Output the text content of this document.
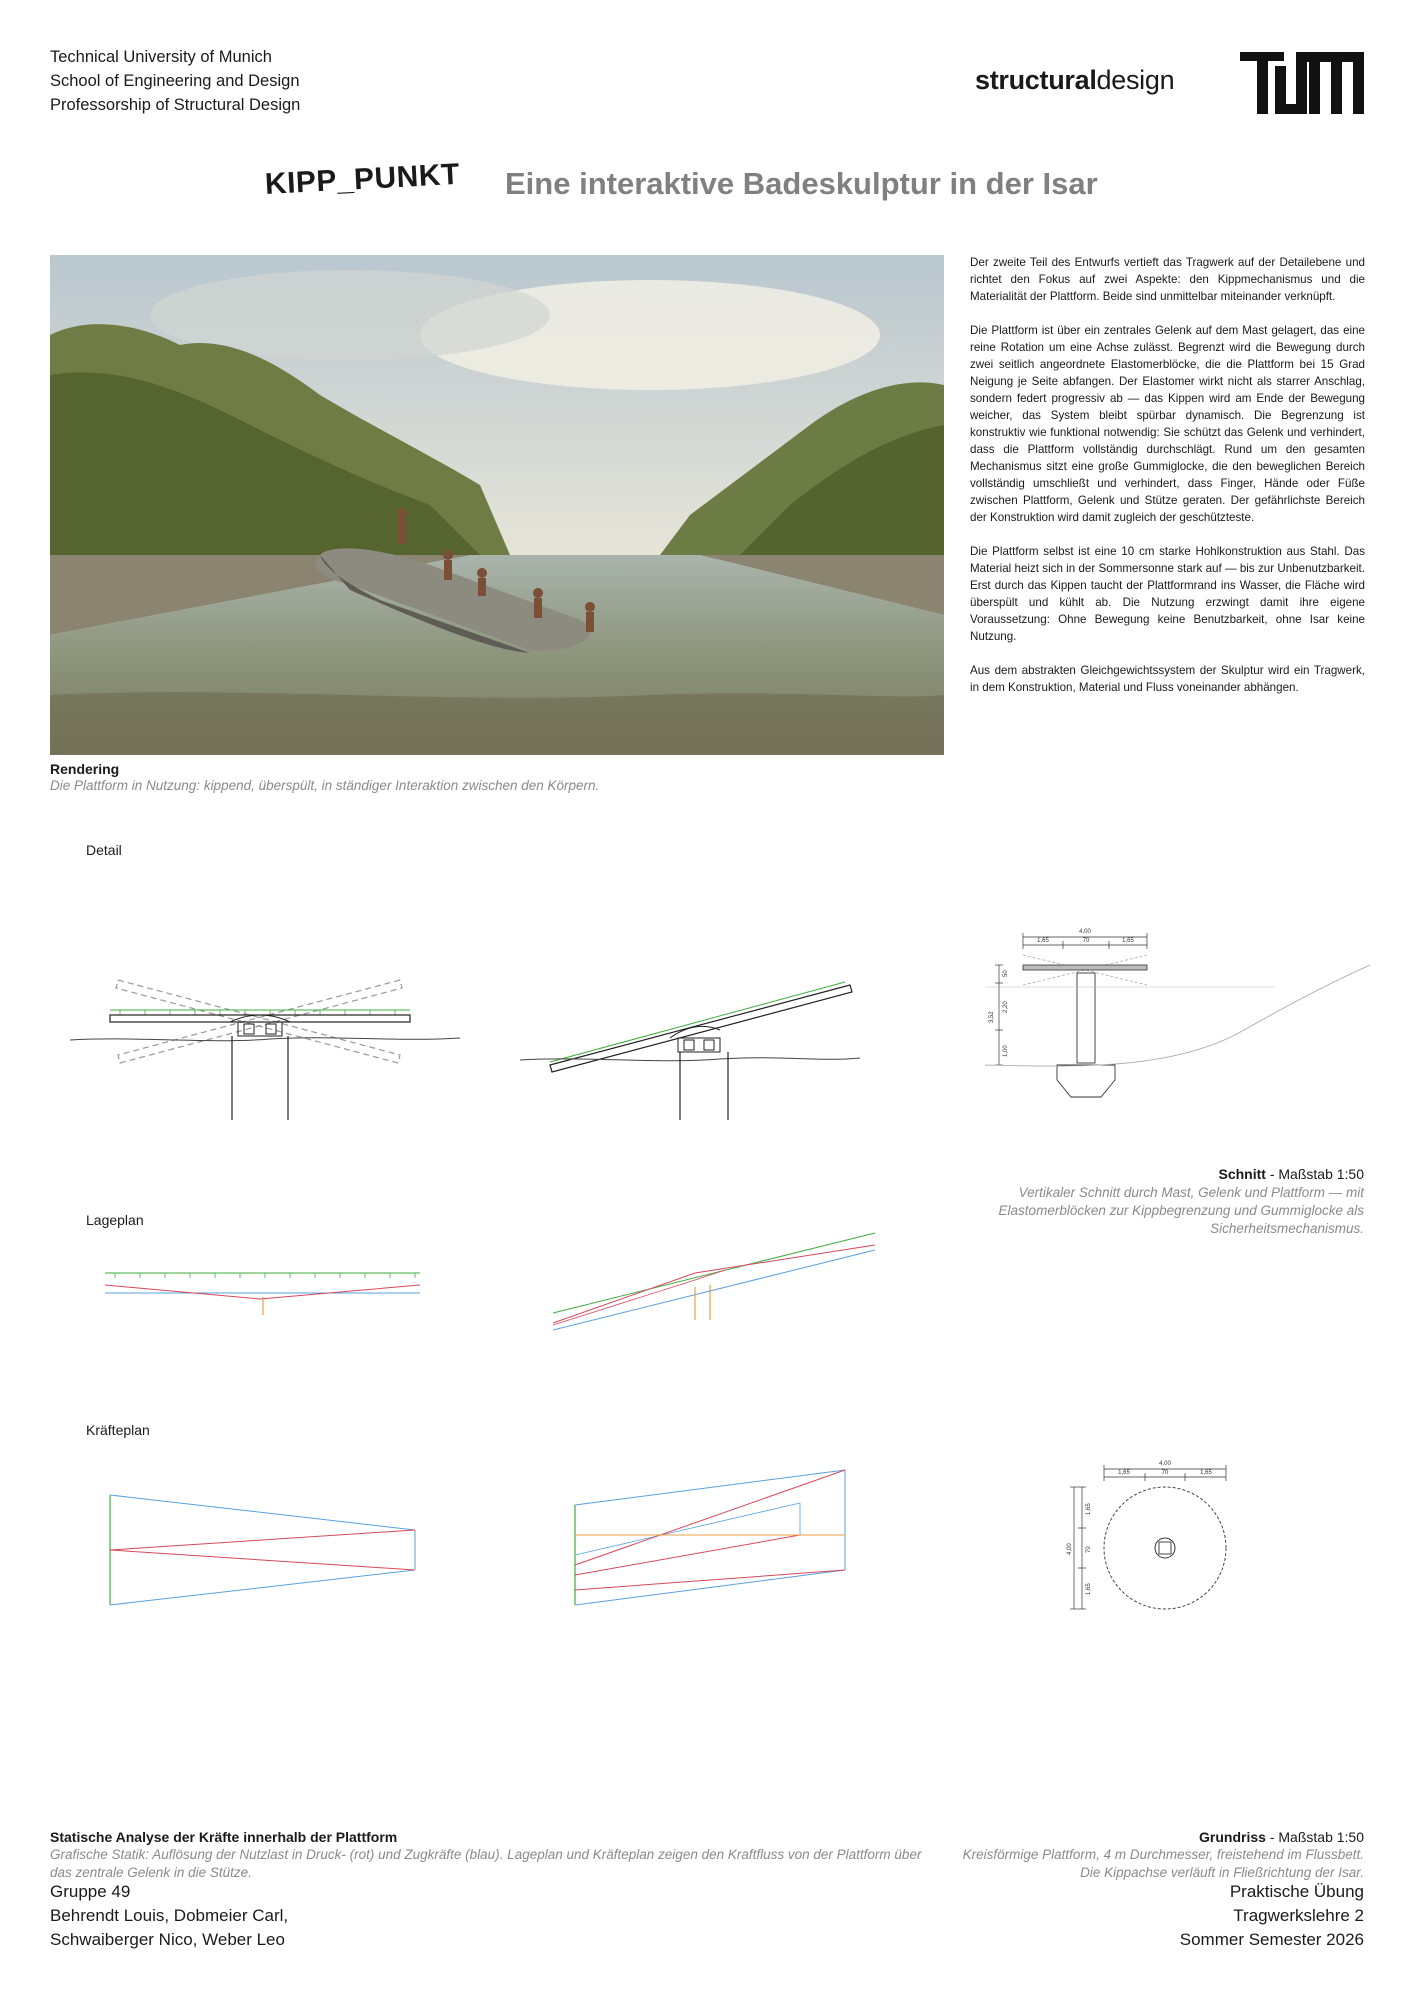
Technical University of Munich
School of Engineering and Design
Professorship of Structural Design
structuraldesign
KIPP_PUNKT Eine interaktive Badeskulptur in der Isar
Rendering
Die Plattform in Nutzung: kippend, überspült, in ständiger Interaktion zwischen den Körpern.

Der zweite Teil des Entwurfs vertieft das Tragwerk auf der Detailebene und richtet den Fokus auf zwei Aspekte: den Kippmechanismus und die Materialität der Plattform. Beide sind unmittelbar miteinander verknüpft.

Die Plattform ist über ein zentrales Gelenk auf dem Mast gelagert, das eine reine Rotation um eine Achse zulässt. Begrenzt wird die Bewegung durch zwei seitlich angeordnete Elastomerblöcke, die die Plattform bei 15 Grad Neigung je Seite abfangen. Der Elastomer wirkt nicht als starrer Anschlag, sondern federt progressiv ab — das Kippen wird am Ende der Bewegung weicher, das System bleibt spürbar dynamisch. Die Begrenzung ist konstruktiv wie funktional notwendig: Sie schützt das Gelenk und verhindert, dass die Plattform vollständig durchschlägt. Rund um den gesamten Mechanismus sitzt eine große Gummiglocke, die den beweglichen Bereich vollständig umschließt und verhindert, dass Finger, Hände oder Füße zwischen Plattform, Gelenk und Stütze geraten. Der gefährlichste Bereich der Konstruktion wird damit zugleich der geschützteste.

Die Plattform selbst ist eine 10 cm starke Hohlkonstruktion aus Stahl. Das Material heizt sich in der Sommersonne stark auf — bis zur Unbenutzbarkeit. Erst durch das Kippen taucht der Plattformrand ins Wasser, die Fläche wird überspült und kühlt ab. Die Nutzung erzwingt damit ihre eigene Voraussetzung: Ohne Bewegung keine Benutzbarkeit, ohne Isar keine Nutzung.

Aus dem abstrakten Gleichgewichtssystem der Skulptur wird ein Tragwerk, in dem Konstruktion, Material und Fluss voneinander abhängen.

Detail
Lageplan
Kräfteplan
4,00
1,65	70	1,65
50
2,20
3,52
1,00
Schnitt - Maßstab 1:50
Vertikaler Schnitt durch Mast, Gelenk und Plattform — mit Elastomerblöcken zur Kippbegrenzung und Gummiglocke als Sicherheitsmechanismus.
4,00
1,65	70	1,65
4,00
1,65
70
1,65
Statische Analyse der Kräfte innerhalb der Plattform
Grafische Statik: Auflösung der Nutzlast in Druck- (rot) und Zugkräfte (blau). Lageplan und Kräfteplan zeigen den Kraftfluss von der Plattform über das zentrale Gelenk in die Stütze.
Grundriss - Maßstab 1:50
Kreisförmige Plattform, 4 m Durchmesser, freistehend im Flussbett. Die Kippachse verläuft in Fließrichtung der Isar.
Gruppe 49
Behrendt Louis, Dobmeier Carl,
Schwaiberger Nico, Weber Leo
Praktische Übung
Tragwerkslehre 2
Sommer Semester 2026
